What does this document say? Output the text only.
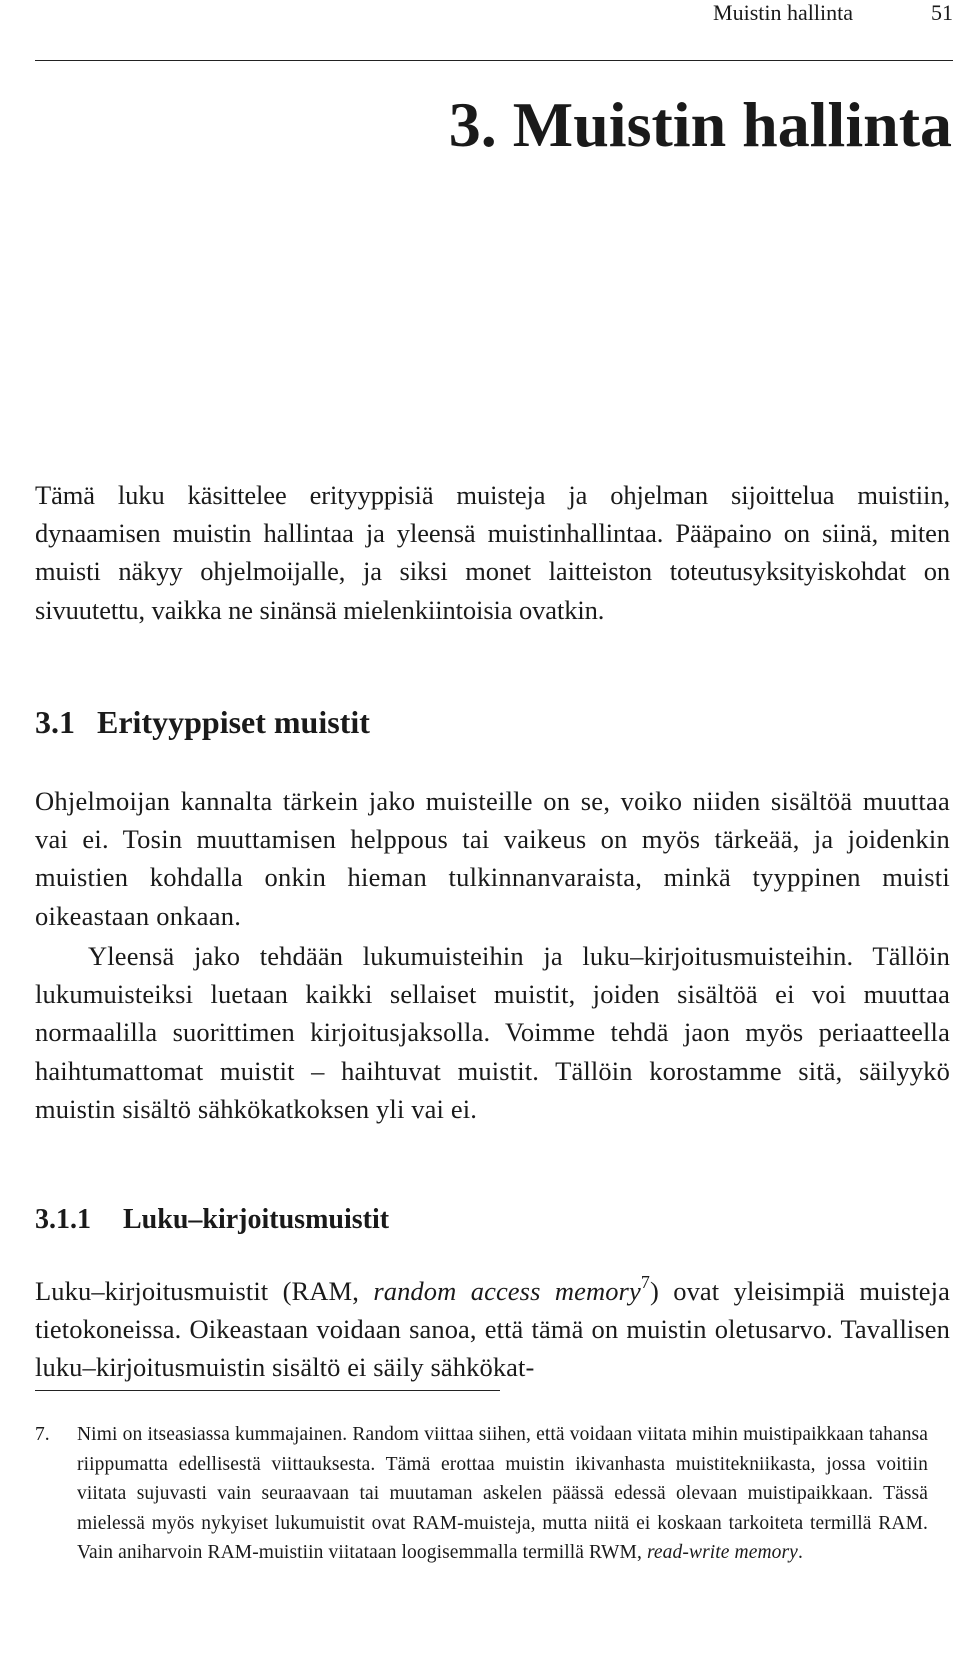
Muistin hallinta	51
3. Muistin hallinta

Tämä luku käsittelee erityyppisiä muisteja ja ohjelman sijoittelua muistiin, dynaamisen muistin hallintaa ja yleensä muistinhallintaa. Pääpaino on siinä, miten muisti näkyy ohjelmoijalle, ja siksi monet laitteiston toteutusyksityiskohdat on sivuutettu, vaikka ne sinänsä mielenkiintoisia ovatkin.

3.1 Erityyppiset muistit

Ohjelmoijan kannalta tärkein jako muisteille on se, voiko niiden sisältöä muuttaa vai ei. Tosin muuttamisen helppous tai vaikeus on myös tärkeää, ja joidenkin muistien kohdalla onkin hieman tulkinnanvaraista, minkä tyyppinen muisti oikeastaan onkaan.

Yleensä jako tehdään lukumuisteihin ja luku–kirjoitusmuisteihin. Tällöin lukumuisteiksi luetaan kaikki sellaiset muistit, joiden sisältöä ei voi muuttaa normaalilla suorittimen kirjoitusjaksolla. Voimme tehdä jaon myös periaatteella haihtumattomat muistit – haihtuvat muistit. Tällöin korostamme sitä, säilyykö muistin sisältö sähkökatkoksen yli vai ei.

3.1.1 Luku–kirjoitusmuistit

Luku–kirjoitusmuistit (RAM, random access memory$^7$) ovat yleisimpiä muisteja tietokoneissa. Oikeastaan voidaan sanoa, että tämä on muistin oletusarvo. Tavallisen luku–kirjoitusmuistin sisältö ei säily sähkökat-

7. Nimi on itseasiassa kummajainen. Random viittaa siihen, että voidaan viitata mihin muistipaikkaan tahansa riippumatta edellisestä viittauksesta. Tämä erottaa muistin ikivanhasta muistitekniikasta, jossa voitiin viitata sujuvasti vain seuraavaan tai muutaman askelen päässä edessä olevaan muistipaikkaan. Tässä mielessä myös nykyiset lukumuistit ovat RAM-muisteja, mutta niitä ei koskaan tarkoiteta termillä RAM. Vain aniharvoin RAM-muistiin viitataan loogisemmalla termillä RWM, read-write memory.
